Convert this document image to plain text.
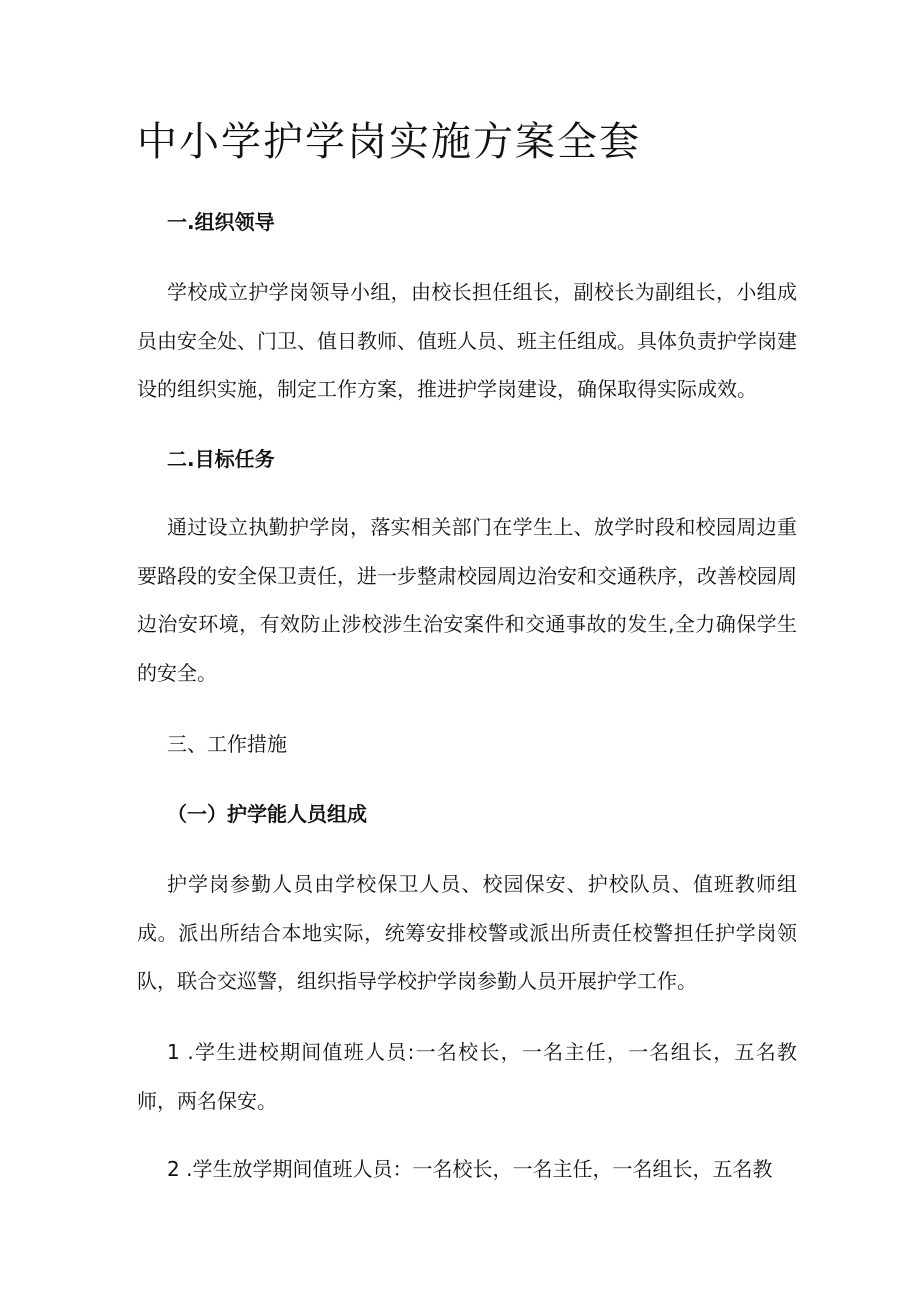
中小学护学岗实施方案全套
一.组织领导

学校成立护学岗领导小组，由校长担任组长，副校长为副组长，小组成员由安全处、门卫、值日教师、值班人员、班主任组成。具体负责护学岗建设的组织实施，制定工作方案，推进护学岗建设，确保取得实际成效。

二.目标任务

通过设立执勤护学岗，落实相关部门在学生上、放学时段和校园周边重要路段的安全保卫责任，进一步整肃校园周边治安和交通秩序，改善校园周边治安环境，有效防止涉校涉生治安案件和交通事故的发生,全力确保学生的安全。

三、工作措施
（一）护学能人员组成

护学岗参勤人员由学校保卫人员、校园保安、护校队员、值班教师组成。派出所结合本地实际，统筹安排校警或派出所责任校警担任护学岗领队，联合交巡警，组织指导学校护学岗参勤人员开展护学工作。

1 .学生进校期间值班人员:一名校长，一名主任，一名组长，五名教师，两名保安。

2 .学生放学期间值班人员：一名校长，一名主任，一名组长，五名教
